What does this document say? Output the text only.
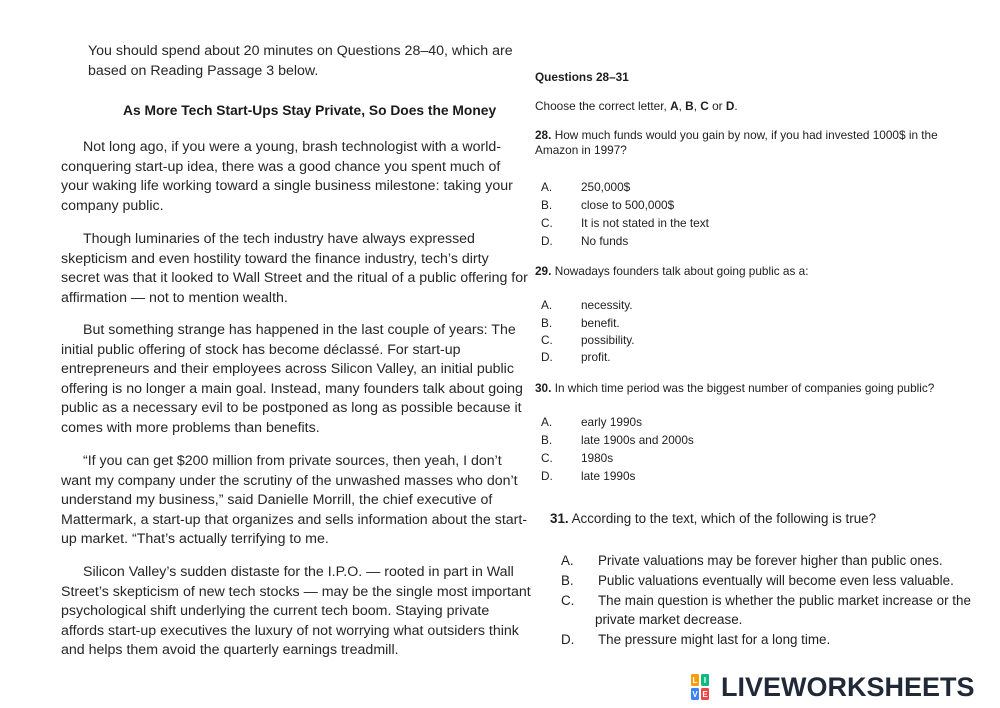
You should spend about 20 minutes on Questions 28–40, which are based on Reading Passage 3 below.
As More Tech Start-Ups Stay Private, So Does the Money
Not long ago, if you were a young, brash technologist with a world-conquering start-up idea, there was a good chance you spent much of your waking life working toward a single business milestone: taking your company public.
Though luminaries of the tech industry have always expressed skepticism and even hostility toward the finance industry, tech’s dirty secret was that it looked to Wall Street and the ritual of a public offering for affirmation — not to mention wealth.
But something strange has happened in the last couple of years: The initial public offering of stock has become déclassé. For start-up entrepreneurs and their employees across Silicon Valley, an initial public offering is no longer a main goal. Instead, many founders talk about going public as a necessary evil to be postponed as long as possible because it comes with more problems than benefits.
“If you can get $200 million from private sources, then yeah, I don’t want my company under the scrutiny of the unwashed masses who don’t understand my business,” said Danielle Morrill, the chief executive of Mattermark, a start-up that organizes and sells information about the start-up market. “That’s actually terrifying to me.
Silicon Valley’s sudden distaste for the I.P.O. — rooted in part in Wall Street’s skepticism of new tech stocks — may be the single most important psychological shift underlying the current tech boom. Staying private affords start-up executives the luxury of not worrying what outsiders think and helps them avoid the quarterly earnings treadmill.
Questions 28–31
Choose the correct letter, A, B, C or D.
28. How much funds would you gain by now, if you had invested 1000$ in the Amazon in 1997?
A. 250,000$
B. close to 500,000$
C. It is not stated in the text
D. No funds
29. Nowadays founders talk about going public as a:
A. necessity.
B. benefit.
C. possibility.
D. profit.
30. In which time period was the biggest number of companies going public?
A. early 1990s
B. late 1900s and 2000s
C. 1980s
D. late 1990s
31. According to the text, which of the following is true?
A. Private valuations may be forever higher than public ones.
B. Public valuations eventually will become even less valuable.
C. The main question is whether the public market increase or the
private market decrease.
D. The pressure might last for a long time.
L I
V E LIVEWORKSHEETS
